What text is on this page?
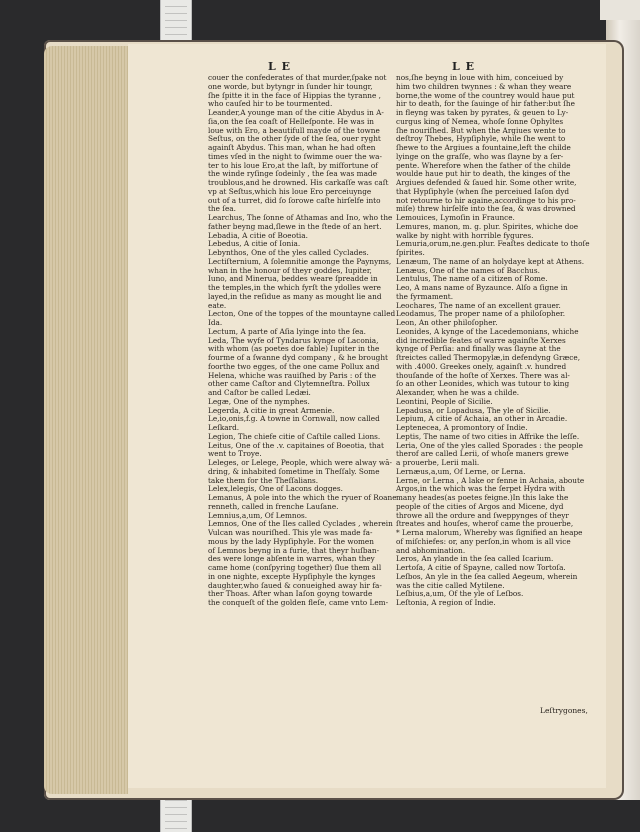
L E	L E

couer the confederates of that murder,ſpake not

one worde, but bytyngr in ſunder hir toungr,

ſhe ſpitte it in the face of Hippias the tyranne ,

who cauſed hir to be tourmented.

Leander,A younge man of the citie Abydus in A-

ſia,on the ſea coaſt of Helleſponte. He was in

loue with Ero, a beautifull mayde of the towne

Seſtus, on the other ſyde of the ſea, ouer ryght

againſt Abydus. This man, whan he had often

times vſed in the night to ſwimme ouer the wa-

ter to his loue Ero,at the laſt, by miſfortune of

the winde ryſinge ſodeinly , the ſea was made

troublous,and he drowned. His carkaſſe was caſt

vp at Seſtus,which his loue Ero perceiuynge

out of a turret, did ſo ſorowe caſte hirſelfe into

the ſea.

Learchus, The ſonne of Athamas and Ino, who the

father beyng mad,ſlewe in the ſtede of an hert.

Lebadia, A citie of Boeotia.

Lebedus, A citie of Ionia.

Lebynthos, One of the yles called Cyclades.

Lectiſternium, A ſolemnitie amonge the Paynyms,

whan in the honour of theyr goddes, Iupiter,

Iuno, and Minerua, beddes weare ſpreadde in

the temples,in the which fyrſt the ydolles were

layed,in the reſidue as many as mought lie and

eate.

Lecton, One of the toppes of the mountayne called

Ida.

Lectum, A parte of Aſia lyinge into the ſea.

Leda, The wyfe of Tyndarus kynge of Laconia,

with whom (as poetes doe fable) Iupiter in the

fourme of a ſwanne dyd company , & he brought

foorthe two egges, of the one came Pollux and

Helena, whiche was rauiſhed by Paris : of the

other came Caſtor and Clytemneſtra. Pollux

and Caſtor be called Ledæi.

Legæ, One of the nymphes.

Legerda, A citie in great Armenie.

Le,io,onis,f.g. A towne in Cornwall, now called

Leſkard.

Legion, The chiefe citie of Caſtile called Lions.

Leitus, One of the .v. capitaines of Boeotia, that

went to Troye.

Leleges, or Lelege, People, which were alway wā-

dring, & inhabited ſometime in Theſſaly. Some

take them for the Theſſalians.

Lelex,lelegis, One of Lacons dogges.

Lemanus, A pole into the which the ryuer of Roane

renneth, called in frenche Lauſane.

Lemnius,a,um, Of Lemnos.

Lemnos, One of the Iles called Cyclades , wherein

Vulcan was nouriſhed. This yle was made fa-

mous by the lady Hypſiphyle. For the women

of Lemnos beyng in a furie, that theyr huſban-

des were longe abſente in warres, whan they

came home (conſpyring together) ſlue them all

in one nighte, excepte Hypſiphyle the kynges

daughter,who ſaued & conueighed away hir fa-

ther Thoas. After whan Iaſon goyng towarde

the conqueſt of the golden fleſe, came vnto Lem-

nos,ſhe beyng in loue with him, conceiued by

him two children twynnes : & whan they weare

borne,the wome of the countrey would haue put

hir to death, for the ſauinge of hir father:but ſhe

in fleyng was taken by pyrates, & geuen to Ly-

curgus king of Nemea, whoſe ſonne Ophyltes

ſhe nouriſhed. But when the Argiues wente to

deſtroy Thebes, Hypſiphyle, while ſhe went to

ſhewe to the Argiues a fountaine,left the childe

lyinge on the graſſe, who was ſlayne by a ſer-

pente. Wherefore when the father of the childe

woulde haue put hir to death, the kinges of the

Argiues defended & ſaued hir. Some other write,

that Hypſiphyle (when ſhe perceiued Iaſon dyd

not retourne to hir againe,accordinge to his pro-

miſe) threw hirſelfe into the ſea, & was drowned

Lemouices, Lymoſin in Fraunce.

Lemures, manon, m. g. plur. Spirites, whiche doe

walke by night with horrible fygures.

Lemuria,orum,ne.gen.plur. Feaſtes dedicate to thoſe

ſpirites.

Lenæum, The name of an holydaye kept at Athens.

Lenæus, One of the names of Bacchus.

Lentulus, The name of a citizen of Rome.

Leo, A mans name of Byzaunce. Alſo a ſigne in

the fyrmament.

Leochares, The name of an excellent grauer.

Leodamus, The proper name of a philoſopher.

Leon, An other philoſopher.

Leonides, A kynge of the Lacedemonians, whiche

did incredible feates of warre againſte Xerxes

kynge of Perſia: and finally was ſlayne at the

ſtreictes called Thermopylæ,in defendyng Græce,

with .4000. Greekes onely, againſt .v. hundred

thouſande of the hoſte of Xerxes. There was al-

ſo an other Leonides, which was tutour to king

Alexander, when he was a childe.

Leontini, People of Sicilie.

Lepadusa, or Lopadusa, The yle of Sicilie.

Lepium, A citie of Achaia, an other in Arcadie.

Leptenecea, A promontory of Indie.

Leptis, The name of two cities in Affrike the leſſe.

Leria, One of the yles called Sporades : the people

therof are called Lerii, of whoſe maners grewe

a prouerbe, Lerii mali.

Lernæus,a,um, Of Lerne, or Lerna.

Lerne, or Lerna , A lake or fenne in Achaia, aboute

Argos,in the which was the ſerpet Hydra with

many heades(as poetes feigne.)In this lake the

people of the cities of Argos and Micene, dyd

throwe all the ordure and ſweppynges of theyr

ſtreates and houſes, wherof came the prouerbe,

* Lerna malorum, Whereby was ſignified an heape

of miſchiefes: or, any perſon,in whom is all vice

and abhomination.

Leros, An ylande in the ſea called Icarium.

Lertoſa, A citie of Spayne, called now Tortoſa.

Leſbos, An yle in the ſea called Aegeum, wherein

was the citie called Mytilene.

Leſbius,a,um, Of the yle of Leſbos.

Leſtonia, A region of Indie.

Leſtrygones,
